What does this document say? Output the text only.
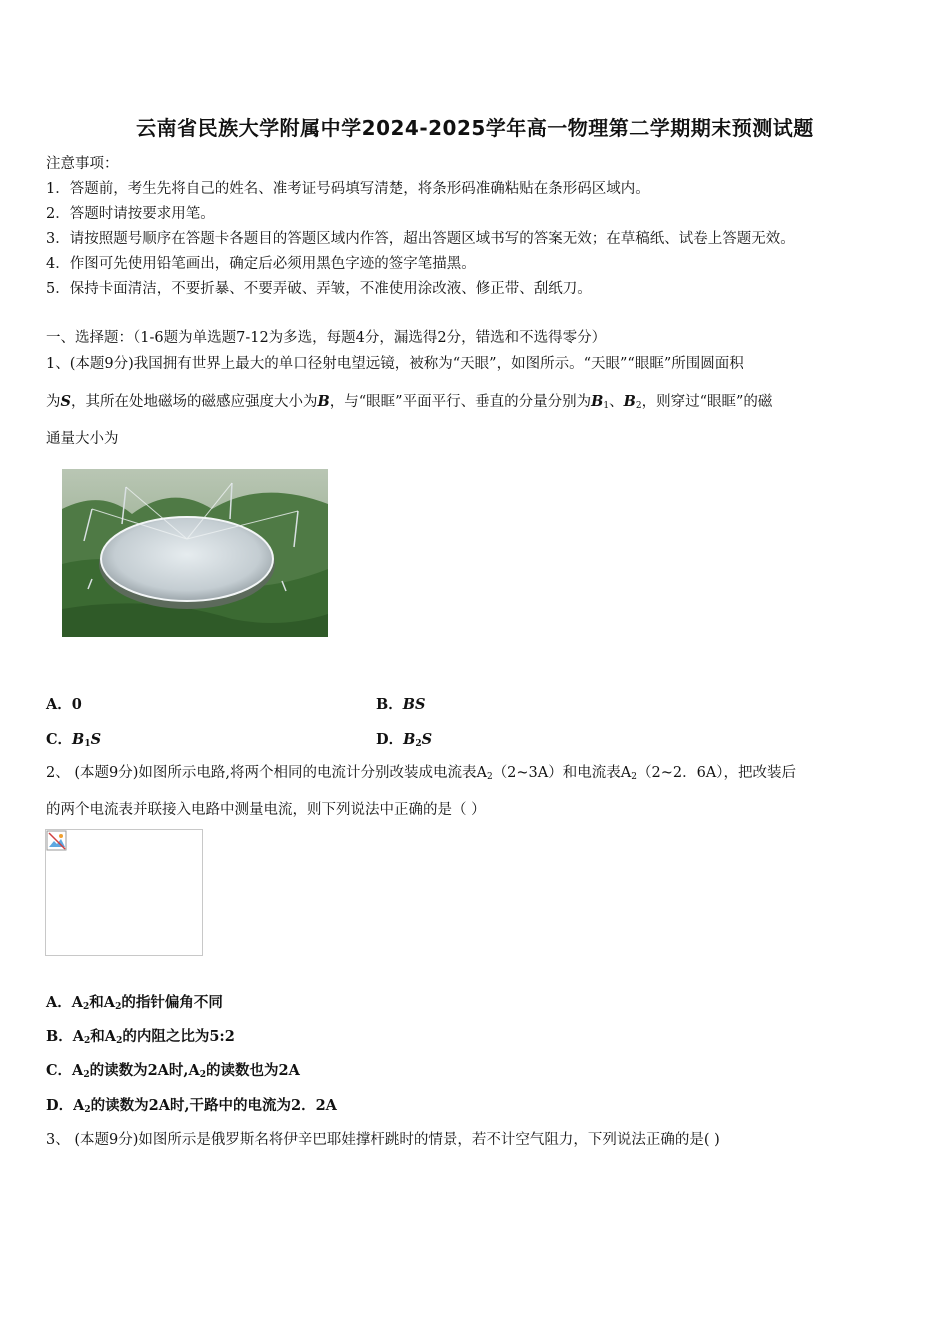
云南省民族大学附属中学2024-2025学年高一物理第二学期期末预测试题
注意事项：
1．答题前，考生先将自己的姓名、准考证号码填写清楚，将条形码准确粘贴在条形码区域内。
2．答题时请按要求用笔。
3．请按照题号顺序在答题卡各题目的答题区域内作答，超出答题区域书写的答案无效；在草稿纸、试卷上答题无效。
4．作图可先使用铅笔画出，确定后必须用黑色字迹的签字笔描黑。
5．保持卡面清洁，不要折暴、不要弄破、弄皱，不准使用涂改液、修正带、刮纸刀。
一、选择题：（1-6题为单选题7-12为多选，每题4分，漏选得2分，错选和不选得零分）
1、(本题9分)我国拥有世界上最大的单口径射电望远镜，被称为“天眼”，如图所示。“天眼”“眼眶”所围圆面积
为S，其所在处地磁场的磁感应强度大小为B，与“眼眶”平面平行、垂直的分量分别为$B_1$、$B_2$，则穿过“眼眶”的磁
通量大小为
A．0	B．BS
C．$B_1S$	D．$B_2S$
2、 (本题9分)如图所示电路,将两个相同的电流计分别改装成电流表$A_2(2\sim 3A)$和电流表$A_2(2\sim 2$．6A），把改装后
的两个电流表并联接入电路中测量电流，则下列说法中正确的是（ ）
A．$A_2$和$A_2$的指针偏角不同
B．$A_2$和$A_2$的内阻之比为5:2
C．$A_2$的读数为2A时$,A_2$的读数也为2A
D．$A_2$的读数为2A时,干路中的电流为2．2A
3、 (本题9分)如图所示是俄罗斯名将伊辛巴耶娃撑杆跳时的情景，若不计空气阻力，下列说法正确的是( )
